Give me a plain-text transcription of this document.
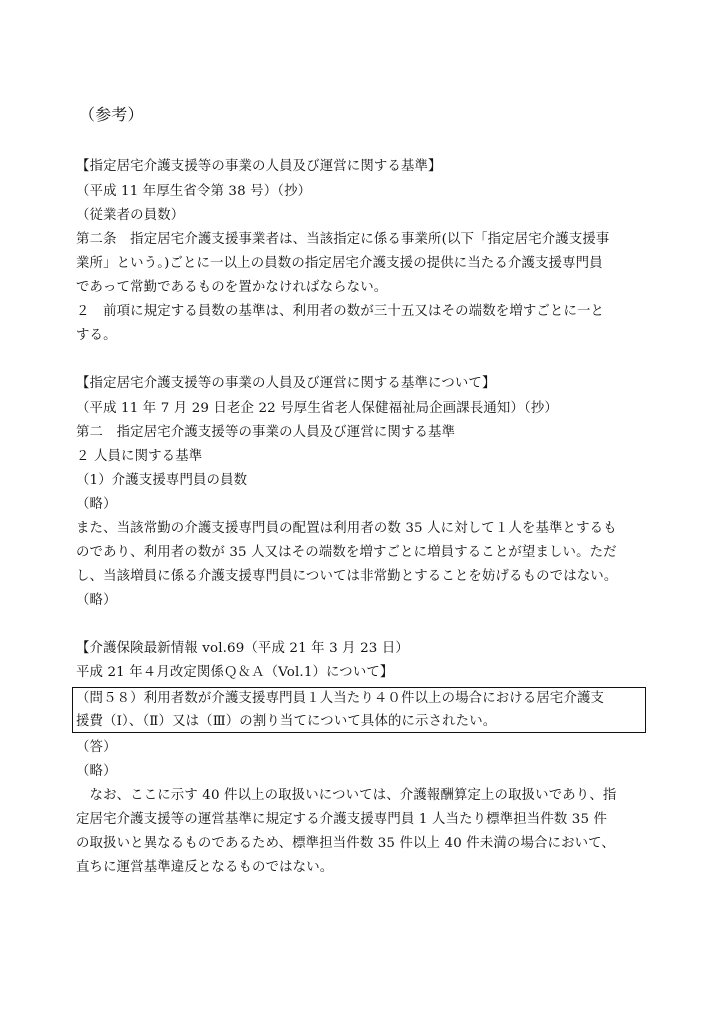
（参考）
【指定居宅介護支援等の事業の人員及び運営に関する基準】
（平成 11 年厚生省令第 38 号）（抄）
（従業者の員数）
第二条　指定居宅介護支援事業者は、当該指定に係る事業所(以下「指定居宅介護支援事
業所」という。)ごとに一以上の員数の指定居宅介護支援の提供に当たる介護支援専門員
であって常勤であるものを置かなければならない。
２　前項に規定する員数の基準は、利用者の数が三十五又はその端数を増すごとに一と
する。
【指定居宅介護支援等の事業の人員及び運営に関する基準について】
（平成 11 年 7 月 29 日老企 22 号厚生省老人保健福祉局企画課長通知）（抄）
第二　指定居宅介護支援等の事業の人員及び運営に関する基準
２ 人員に関する基準
（1）介護支援専門員の員数
（略）
また、当該常勤の介護支援専門員の配置は利用者の数 35 人に対して１人を基準とするも
のであり、利用者の数が 35 人又はその端数を増すごとに増員することが望ましい。ただ
し、当該増員に係る介護支援専門員については非常勤とすることを妨げるものではない。
（略）
【介護保険最新情報 vol.69（平成 21 年 3 月 23 日）
平成 21 年４月改定関係Ｑ＆Ａ（Vol.1）について】
（問５８）利用者数が介護支援専門員１人当たり４０件以上の場合における居宅介護支
援費（Ⅰ）、（Ⅱ）又は（Ⅲ）の割り当てについて具体的に示されたい。
（答）
（略）
　なお、ここに示す 40 件以上の取扱いについては、介護報酬算定上の取扱いであり、指
定居宅介護支援等の運営基準に規定する介護支援専門員 1 人当たり標準担当件数 35 件
の取扱いと異なるものであるため、標準担当件数 35 件以上 40 件未満の場合において、
直ちに運営基準違反となるものではない。
